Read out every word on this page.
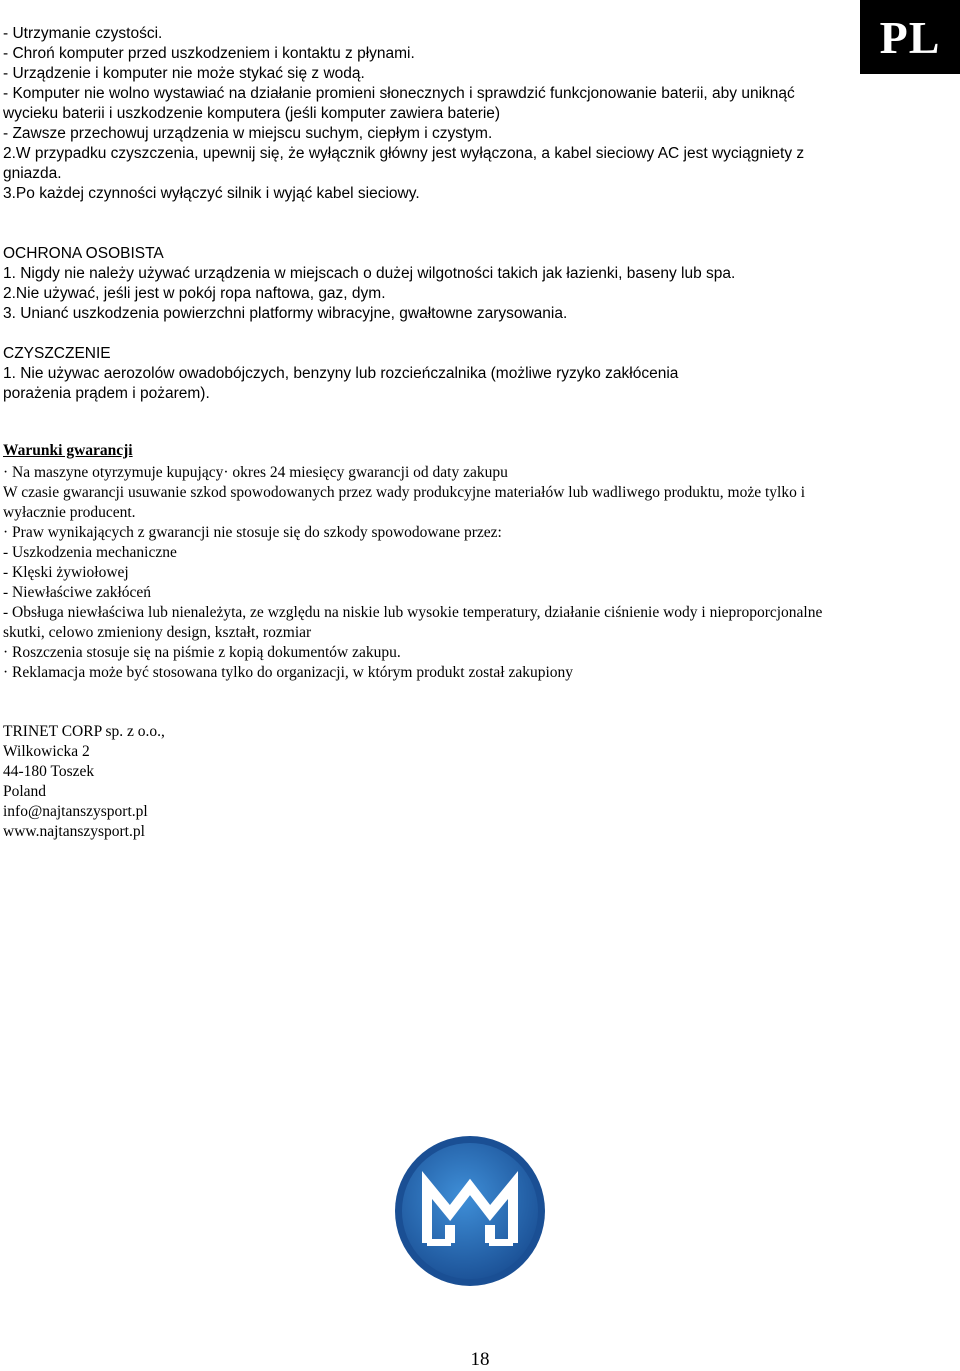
PL
- Utrzymanie czystości.
- Chroń komputer przed uszkodzeniem i kontaktu z płynami.
- Urządzenie i komputer nie może stykać się z wodą.
- Komputer nie wolno wystawiać na działanie promieni słonecznych i sprawdzić funkcjonowanie baterii, aby uniknąć
wycieku baterii i uszkodzenie komputera (jeśli komputer zawiera baterie)
- Zawsze przechowuj urządzenia w miejscu suchym, ciepłym i czystym.
2.W przypadku czyszczenia, upewnij się, że wyłącznik główny jest wyłączona, a kabel sieciowy AC jest wyciągniety z
gniazda.
3.Po każdej czynności wyłączyć silnik i wyjąć kabel sieciowy.
OCHRONA OSOBISTA
1. Nigdy nie należy używać urządzenia w miejscach o dużej wilgotności takich jak łazienki, baseny lub spa.
2.Nie używać, jeśli jest w pokój ropa naftowa, gaz, dym.
3. Unianć uszkodzenia powierzchni platformy wibracyjne, gwałtowne zarysowania.
CZYSZCZENIE
1. Nie używac aerozolów owadobójczych, benzyny lub rozcieńczalnika (możliwe ryzyko zakłócenia
porażenia prądem i pożarem).
Warunki gwarancji
· Na maszyne otyrzymuje kupujący· okres 24 miesięcy gwarancji od daty zakupu
W czasie gwarancji usuwanie szkod spowodowanych przez wady produkcyjne materiałów lub wadliwego produktu, może tylko i
wyłacznie producent.
· Praw wynikających z gwarancji nie stosuje się do szkody spowodowane przez:
- Uszkodzenia mechaniczne
- Klęski żywiołowej
- Niewłaściwe zakłóceń
- Obsługa niewłaściwa lub nienależyta, ze względu na niskie lub wysokie temperatury, działanie ciśnienie wody i nieproporcjonalne
skutki, celowo zmieniony design, kształt, rozmiar
· Roszczenia stosuje się na piśmie z kopią dokumentów zakupu.
· Reklamacja może być stosowana tylko do organizacji, w którym produkt został zakupiony
TRINET CORP sp. z o.o.,
Wilkowicka 2
44-180 Toszek
Poland
info@najtanszysport.pl
www.najtanszysport.pl
18
